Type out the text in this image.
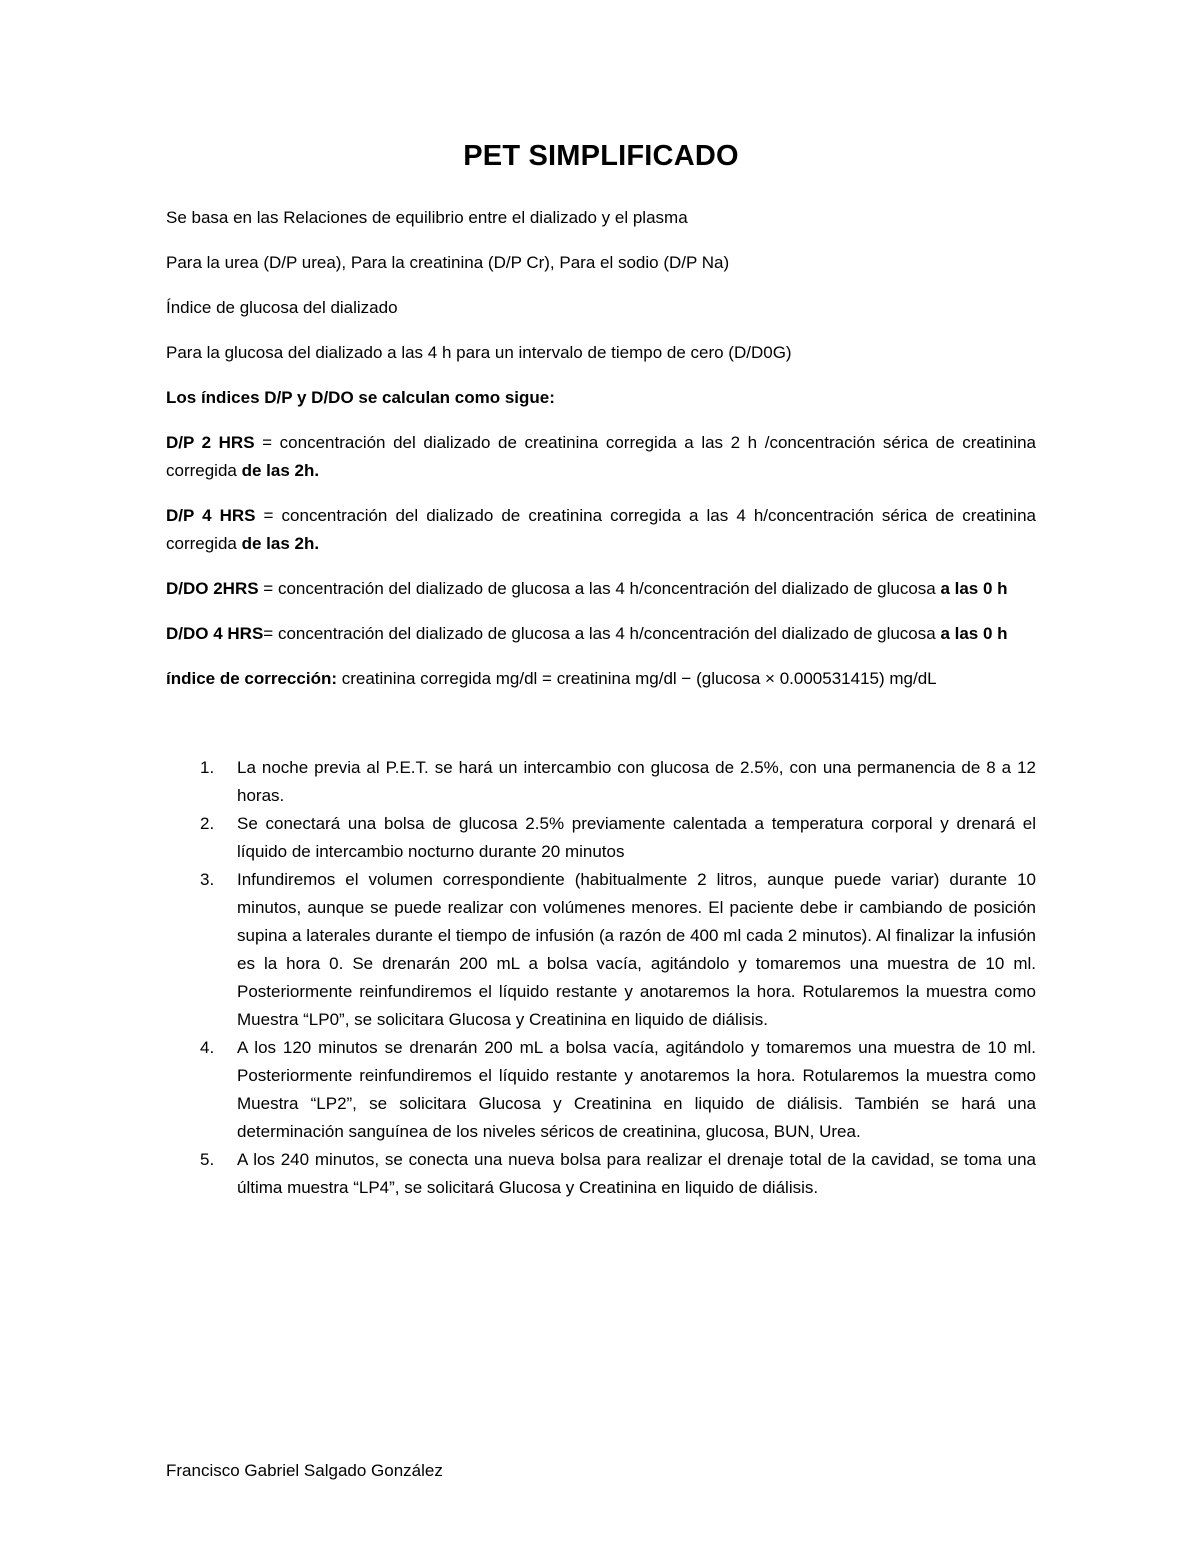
PET SIMPLIFICADO

Se basa en las Relaciones de equilibrio entre el dializado y el plasma

Para la urea (D/P urea), Para la creatinina (D/P Cr), Para el sodio (D/P Na)

Índice de glucosa del dializado

Para la glucosa del dializado a las 4 h para un intervalo de tiempo de cero (D/D0G)

Los índices D/P y D/DO se calculan como sigue:

D/P 2 HRS = concentración del dializado de creatinina corregida a las 2 h /concentración sérica de creatinina corregida de las 2h.

D/P 4 HRS = concentración del dializado de creatinina corregida a las 4 h/concentración sérica de creatinina corregida de las 2h.

D/DO 2HRS = concentración del dializado de glucosa a las 4 h/concentración del dializado de glucosa a las 0 h

D/DO 4 HRS= concentración del dializado de glucosa a las 4 h/concentración del dializado de glucosa a las 0 h

índice de corrección: creatinina corregida mg/dl = creatinina mg/dl − (glucosa × 0.000531415) mg/dL

1. La noche previa al P.E.T. se hará un intercambio con glucosa de 2.5%, con una permanencia de 8 a 12 horas.
2. Se conectará una bolsa de glucosa 2.5% previamente calentada a temperatura corporal y drenará el líquido de intercambio nocturno durante 20 minutos
3. Infundiremos el volumen correspondiente (habitualmente 2 litros, aunque puede variar) durante 10 minutos, aunque se puede realizar con volúmenes menores. El paciente debe ir cambiando de posición supina a laterales durante el tiempo de infusión (a razón de 400 ml cada 2 minutos). Al finalizar la infusión es la hora 0. Se drenarán 200 mL a bolsa vacía, agitándolo y tomaremos una muestra de 10 ml. Posteriormente reinfundiremos el líquido restante y anotaremos la hora. Rotularemos la muestra como Muestra “LP0”, se solicitara Glucosa y Creatinina en liquido de diálisis.
4. A los 120 minutos se drenarán 200 mL a bolsa vacía, agitándolo y tomaremos una muestra de 10 ml. Posteriormente reinfundiremos el líquido restante y anotaremos la hora. Rotularemos la muestra como Muestra “LP2”, se solicitara Glucosa y Creatinina en liquido de diálisis. También se hará una determinación sanguínea de los niveles séricos de creatinina, glucosa, BUN, Urea.
5. A los 240 minutos, se conecta una nueva bolsa para realizar el drenaje total de la cavidad, se toma una última muestra “LP4”, se solicitará Glucosa y Creatinina en liquido de diálisis.
Francisco Gabriel Salgado González
